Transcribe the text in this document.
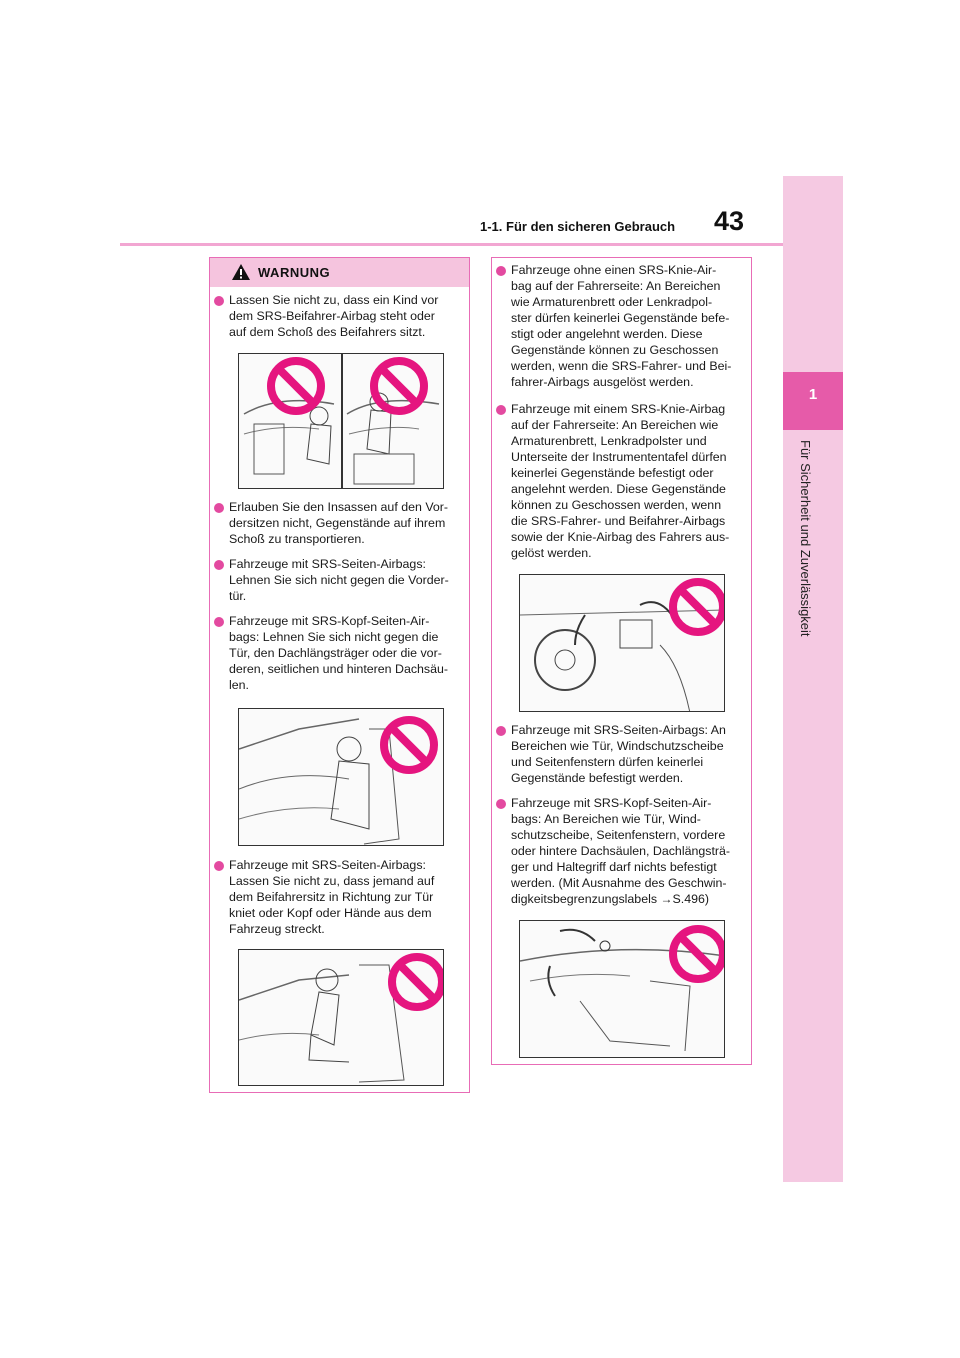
1-1. Für den sicheren Gebrauch 43
1
Für Sicherheit und Zuverlässigkeit
WARNUNG
Lassen Sie nicht zu, dass ein Kind vor
dem SRS-Beifahrer-Airbag steht oder
auf dem Schoß des Beifahrers sitzt.
Erlauben Sie den Insassen auf den Vor-
dersitzen nicht, Gegenstände auf ihrem
Schoß zu transportieren.
Fahrzeuge mit SRS-Seiten-Airbags:
Lehnen Sie sich nicht gegen die Vorder-
tür.
Fahrzeuge mit SRS-Kopf-Seiten-Air-
bags: Lehnen Sie sich nicht gegen die
Tür, den Dachlängsträger oder die vor-
deren, seitlichen und hinteren Dachsäu-
len.
Fahrzeuge mit SRS-Seiten-Airbags:
Lassen Sie nicht zu, dass jemand auf
dem Beifahrersitz in Richtung zur Tür
kniet oder Kopf oder Hände aus dem
Fahrzeug streckt.
Fahrzeuge ohne einen SRS-Knie-Air-
bag auf der Fahrerseite: An Bereichen
wie Armaturenbrett oder Lenkradpol-
ster dürfen keinerlei Gegenstände befe-
stigt oder angelehnt werden. Diese
Gegenstände können zu Geschossen
werden, wenn die SRS-Fahrer- und Bei-
fahrer-Airbags ausgelöst werden.
Fahrzeuge mit einem SRS-Knie-Airbag
auf der Fahrerseite: An Bereichen wie
Armaturenbrett, Lenkradpolster und
Unterseite der Instrumententafel dürfen
keinerlei Gegenstände befestigt oder
angelehnt werden. Diese Gegenstände
können zu Geschossen werden, wenn
die SRS-Fahrer- und Beifahrer-Airbags
sowie der Knie-Airbag des Fahrers aus-
gelöst werden.
Fahrzeuge mit SRS-Seiten-Airbags: An
Bereichen wie Tür, Windschutzscheibe
und Seitenfenstern dürfen keinerlei
Gegenstände befestigt werden.
Fahrzeuge mit SRS-Kopf-Seiten-Air-
bags: An Bereichen wie Tür, Wind-
schutzscheibe, Seitenfenstern, vordere
oder hintere Dachsäulen, Dachlängsträ-
ger und Haltegriff darf nichts befestigt
werden. (Mit Ausnahme des Geschwin-
digkeitsbegrenzungslabels →S.496)
